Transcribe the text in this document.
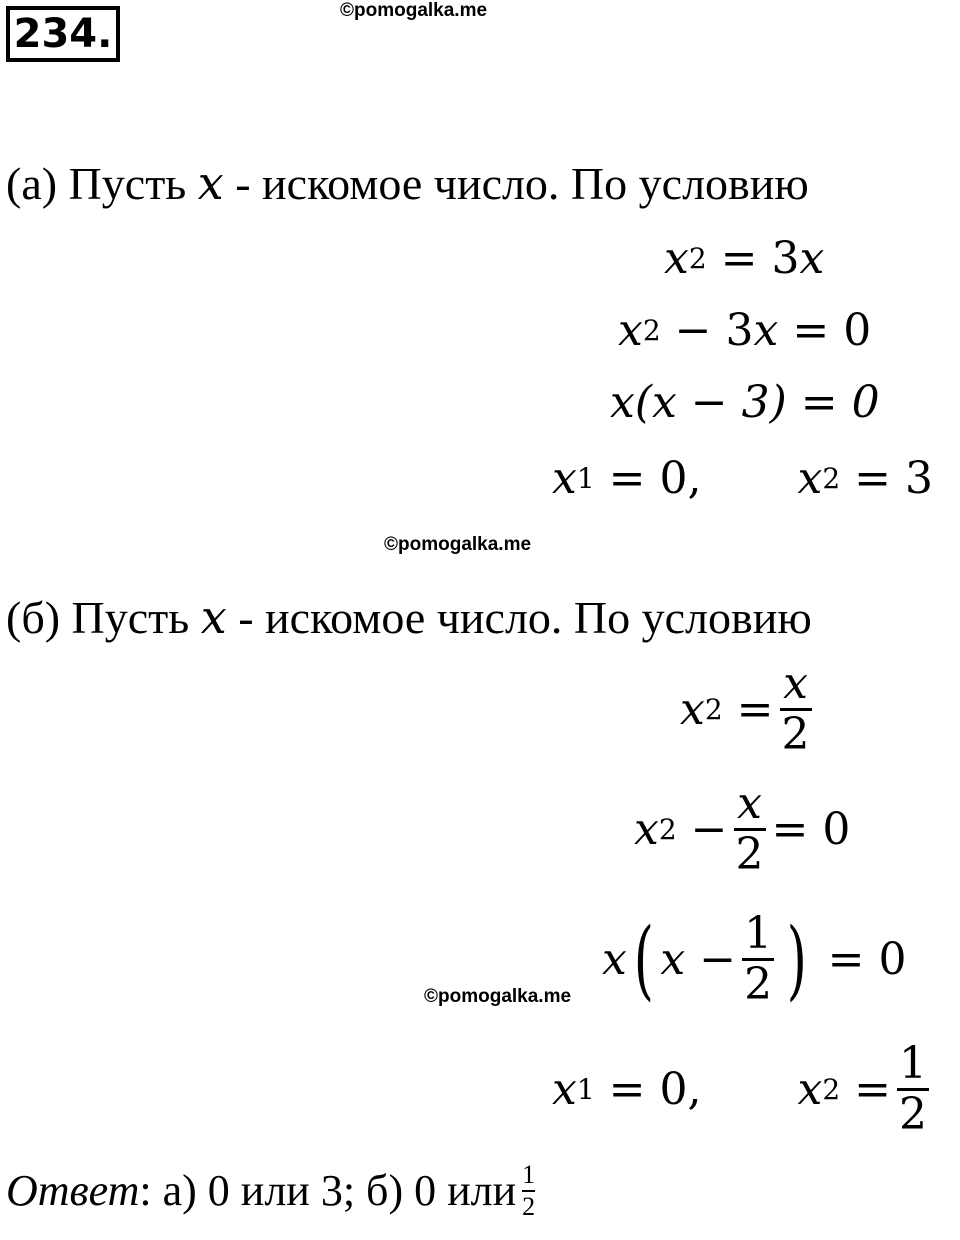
234.
©pomogalka.me
(а) Пусть x - искомое число. По условию
x 2 = 3 x
x 2 − 3 x = 0
x(x − 3) = 0
x 1 = 0, x 2 = 3
©pomogalka.me
(б) Пусть x - искомое число. По условию
x $2 = \frac{x}{2}$
x $2 - \frac{x}{2} = 0$
x ( $x - \frac{1}{2}$ ) = 0
©pomogalka.me
x 1 = 0, x $2 = \frac{1}{2}$
Ответ : а) 0 или 3; б) 0 или $\frac{1}{2}$
